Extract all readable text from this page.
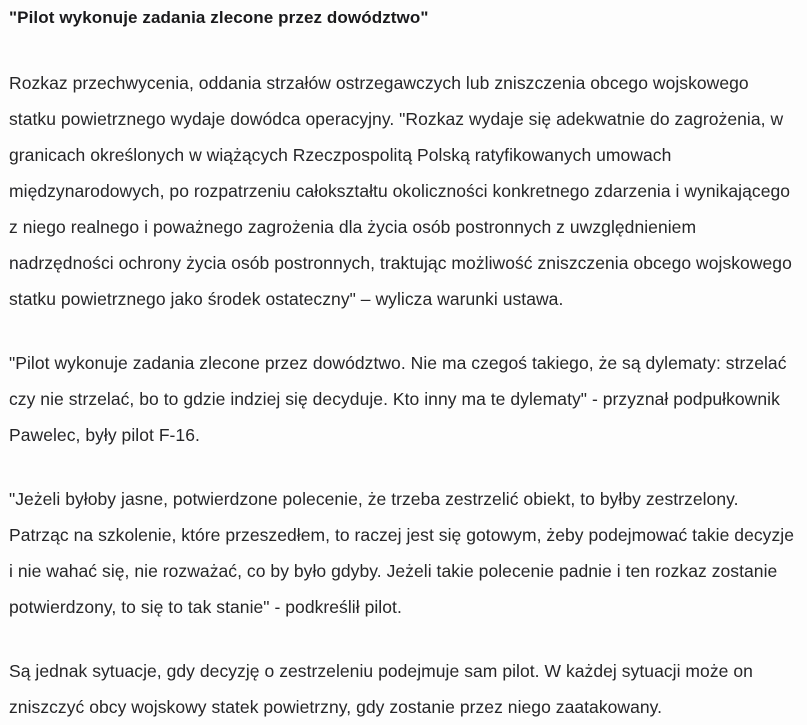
"Pilot wykonuje zadania zlecone przez dowództwo"

Rozkaz przechwycenia, oddania strzałów ostrzegawczych lub zniszczenia obcego wojskowego statku powietrznego wydaje dowódca operacyjny. "Rozkaz wydaje się adekwatnie do zagrożenia, w granicach określonych w wiążących Rzeczpospolitą Polską ratyfikowanych umowach międzynarodowych, po rozpatrzeniu całokształtu okoliczności konkretnego zdarzenia i wynikającego z niego realnego i poważnego zagrożenia dla życia osób postronnych z uwzględnieniem nadrzędności ochrony życia osób postronnych, traktując możliwość zniszczenia obcego wojskowego statku powietrznego jako środek ostateczny" – wylicza warunki ustawa.

"Pilot wykonuje zadania zlecone przez dowództwo. Nie ma czegoś takiego, że są dylematy: strzelać czy nie strzelać, bo to gdzie indziej się decyduje. Kto inny ma te dylematy" - przyznał podpułkownik Pawelec, były pilot F-16.

"Jeżeli byłoby jasne, potwierdzone polecenie, że trzeba zestrzelić obiekt, to byłby zestrzelony. Patrząc na szkolenie, które przeszedłem, to raczej jest się gotowym, żeby podejmować takie decyzje i nie wahać się, nie rozważać, co by było gdyby. Jeżeli takie polecenie padnie i ten rozkaz zostanie potwierdzony, to się to tak stanie" - podkreślił pilot.

Są jednak sytuacje, gdy decyzję o zestrzeleniu podejmuje sam pilot. W każdej sytuacji może on zniszczyć obcy wojskowy statek powietrzny, gdy zostanie przez niego zaatakowany.
